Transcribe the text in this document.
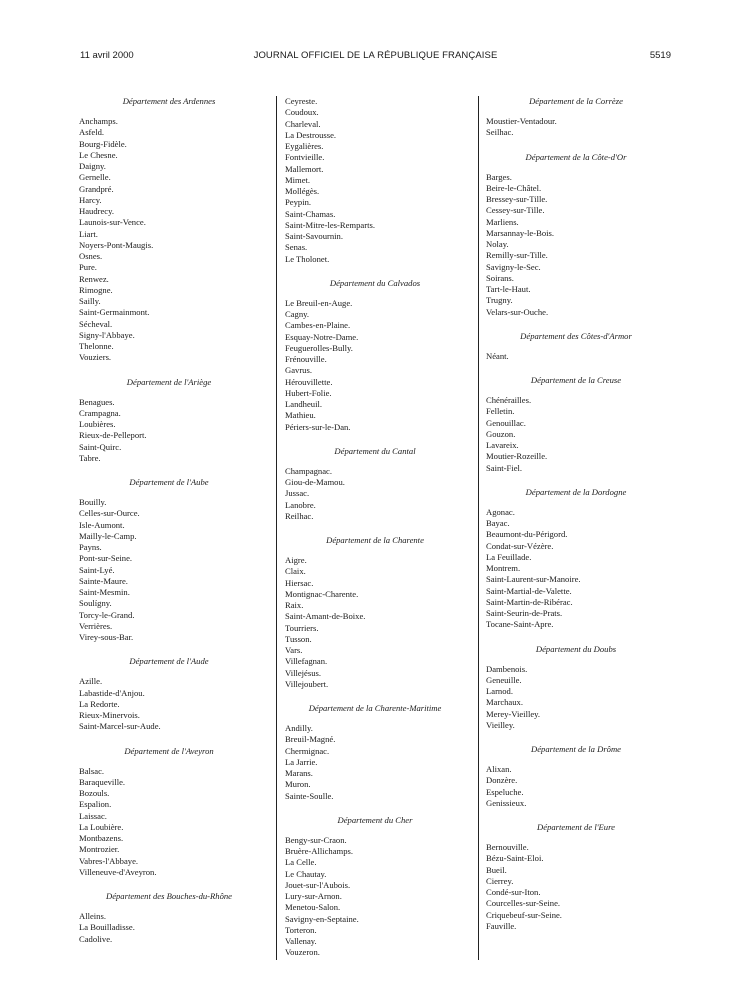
11 avril 2000	JOURNAL OFFICIEL DE LA RÉPUBLIQUE FRANÇAISE	5519
Département des Ardennes
Anchamps.
Asfeld.
Bourg-Fidèle.
Le Chesne.
Daigny.
Gernelle.
Grandpré.
Harcy.
Haudrecy.
Launois-sur-Vence.
Liart.
Noyers-Pont-Maugis.
Osnes.
Pure.
Renwez.
Rimogne.
Sailly.
Saint-Germainmont.
Sécheval.
Signy-l'Abbaye.
Thelonne.
Vouziers.
Département de l'Ariège
Benagues.
Crampagna.
Loubières.
Rieux-de-Pelleport.
Saint-Quirc.
Tabre.
Département de l'Aube
Bouilly.
Celles-sur-Ource.
Isle-Aumont.
Mailly-le-Camp.
Payns.
Pont-sur-Seine.
Saint-Lyé.
Sainte-Maure.
Saint-Mesmin.
Soulígny.
Torcy-le-Grand.
Verrières.
Virey-sous-Bar.
Département de l'Aude
Azille.
Labastide-d'Anjou.
La Redorte.
Rieux-Minervois.
Saint-Marcel-sur-Aude.
Département de l'Aveyron
Balsac.
Baraqueville.
Bozouls.
Espalion.
Laissac.
La Loubière.
Montbazens.
Montrozier.
Vabres-l'Abbaye.
Villeneuve-d'Aveyron.
Département des Bouches-du-Rhône
Alleins.
La Bouilladisse.
Cadolive.
Ceyreste.
Coudoux.
Charleval.
La Destrousse.
Eygalières.
Fontvieille.
Mallemort.
Mimet.
Mollégès.
Peypin.
Saint-Chamas.
Saint-Mitre-les-Remparts.
Saint-Savournin.
Senas.
Le Tholonet.
Département du Calvados
Le Breuil-en-Auge.
Cagny.
Cambes-en-Plaine.
Esquay-Notre-Dame.
Feuguerolles-Bully.
Frénouville.
Gavrus.
Hérouvillette.
Hubert-Folie.
Landheuil.
Mathieu.
Périers-sur-le-Dan.
Département du Cantal
Champagnac.
Giou-de-Mamou.
Jussac.
Lanobre.
Reilhac.
Département de la Charente
Aigre.
Claix.
Hiersac.
Montignac-Charente.
Raix.
Saint-Amant-de-Boixe.
Tourriers.
Tusson.
Vars.
Villefagnan.
Villejésus.
Villejoubert.
Département de la Charente-Maritime
Andilly.
Breuil-Magné.
Chermignac.
La Jarrie.
Marans.
Muron.
Sainte-Soulle.
Département du Cher
Bengy-sur-Craon.
Bruère-Allichamps.
La Celle.
Le Chautay.
Jouet-sur-l'Aubois.
Lury-sur-Arnon.
Menetou-Salon.
Savigny-en-Septaine.
Torteron.
Vallenay.
Vouzeron.
Département de la Corrèze
Moustier-Ventadour.
Seilhac.
Département de la Côte-d'Or
Barges.
Beire-le-Châtel.
Bressey-sur-Tille.
Cessey-sur-Tille.
Marliens.
Marsannay-le-Bois.
Nolay.
Remilly-sur-Tille.
Savigny-le-Sec.
Soirans.
Tart-le-Haut.
Trugny.
Velars-sur-Ouche.
Département des Côtes-d'Armor
Néant.
Département de la Creuse
Chénérailles.
Felletin.
Genouillac.
Gouzon.
Lavareix.
Moutier-Rozeille.
Saint-Fiel.
Département de la Dordogne
Agonac.
Bayac.
Beaumont-du-Périgord.
Condat-sur-Vézère.
La Feuillade.
Montrem.
Saint-Laurent-sur-Manoire.
Saint-Martial-de-Valette.
Saint-Martin-de-Ribérac.
Saint-Seurin-de-Prats.
Tocane-Saint-Apre.
Département du Doubs
Dambenois.
Geneuille.
Larnod.
Marchaux.
Merey-Vieilley.
Vieilley.
Département de la Drôme
Alixan.
Donzère.
Espeluche.
Genissieux.
Département de l'Eure
Bernouville.
Bézu-Saint-Eloi.
Bueil.
Cierrey.
Condé-sur-Iton.
Courcelles-sur-Seine.
Criquebeuf-sur-Seine.
Fauville.
